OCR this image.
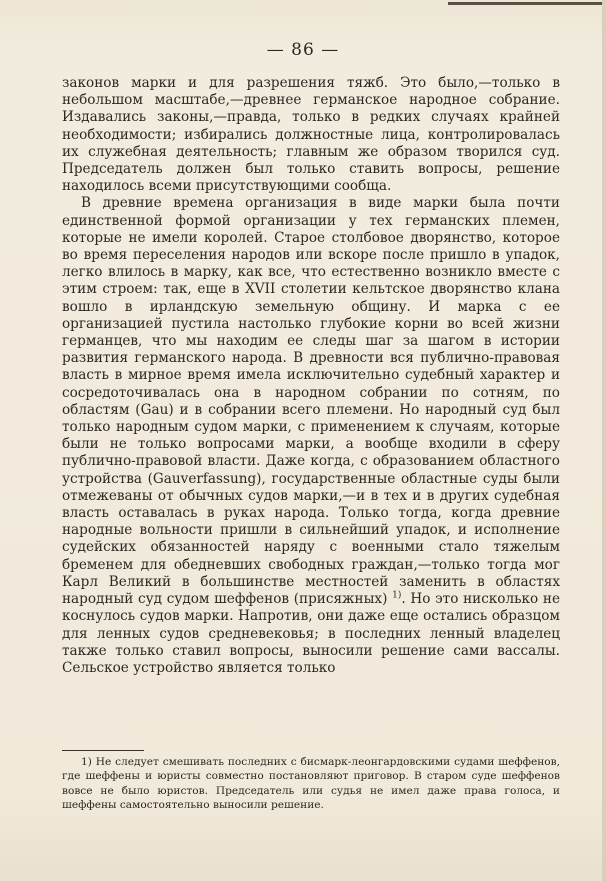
— 86 —

законов марки и для разрешения тяжб. Это было,—только в небольшом масштабе,—древнее германское народное собрание. Издавались законы,—правда, только в редких случаях крайней необходимости; избирались должностные лица, контролировалась их служебная деятельность; главным же образом творился суд. Председатель должен был только ставить вопросы, решение находилось всеми присутствующими сообща.

В древние времена организация в виде марки была почти единственной формой организации у тех германских племен, которые не имели королей. Старое столбовое дворянство, которое во время переселения народов или вскоре после пришло в упадок, легко влилось в марку, как все, что естественно возникло вместе с этим строем: так, еще в XVII столетии кельтское дворянство клана вошло в ирландскую земельную общину. И марка с ее организацией пустила настолько глубокие корни во всей жизни германцев, что мы находим ее следы шаг за шагом в истории развития германского народа. В древности вся публично-правовая власть в мирное время имела исключительно судебный характер и сосредоточивалась она в народном собрании по сотням, по областям (Gau) и в собрании всего племени. Но народный суд был только народным судом марки, с применением к случаям, которые были не только вопросами марки, а вообще входили в сферу публично-правовой власти. Даже когда, с образованием областного устройства (Gauverfassung), государственные областные суды были отмежеваны от обычных судов марки,—и в тех и в других судебная власть оставалась в руках народа. Только тогда, когда древние народные вольности пришли в сильнейший упадок, и исполнение судейских обязанностей наряду с военными стало тяжелым бременем для обедневших свободных граждан,—только тогда мог Карл Великий в большинстве местностей заменить в областях народный суд судом шеффенов (присяжных) $^{1)}$. Но это нисколько не коснулось судов марки. Напротив, они даже еще остались образцом для ленных судов средневековья; в последних ленный владелец также только ставил вопросы, выносили решение сами вассалы. Сельское устройство является только

1) Не следует смешивать последних с бисмарк-леонгардовскими судами шеффенов, где шеффены и юристы совместно постановляют приговор. В старом суде шеффенов вовсе не было юристов. Председатель или судья не имел даже права голоса, и шеффены самостоятельно выносили решение.
